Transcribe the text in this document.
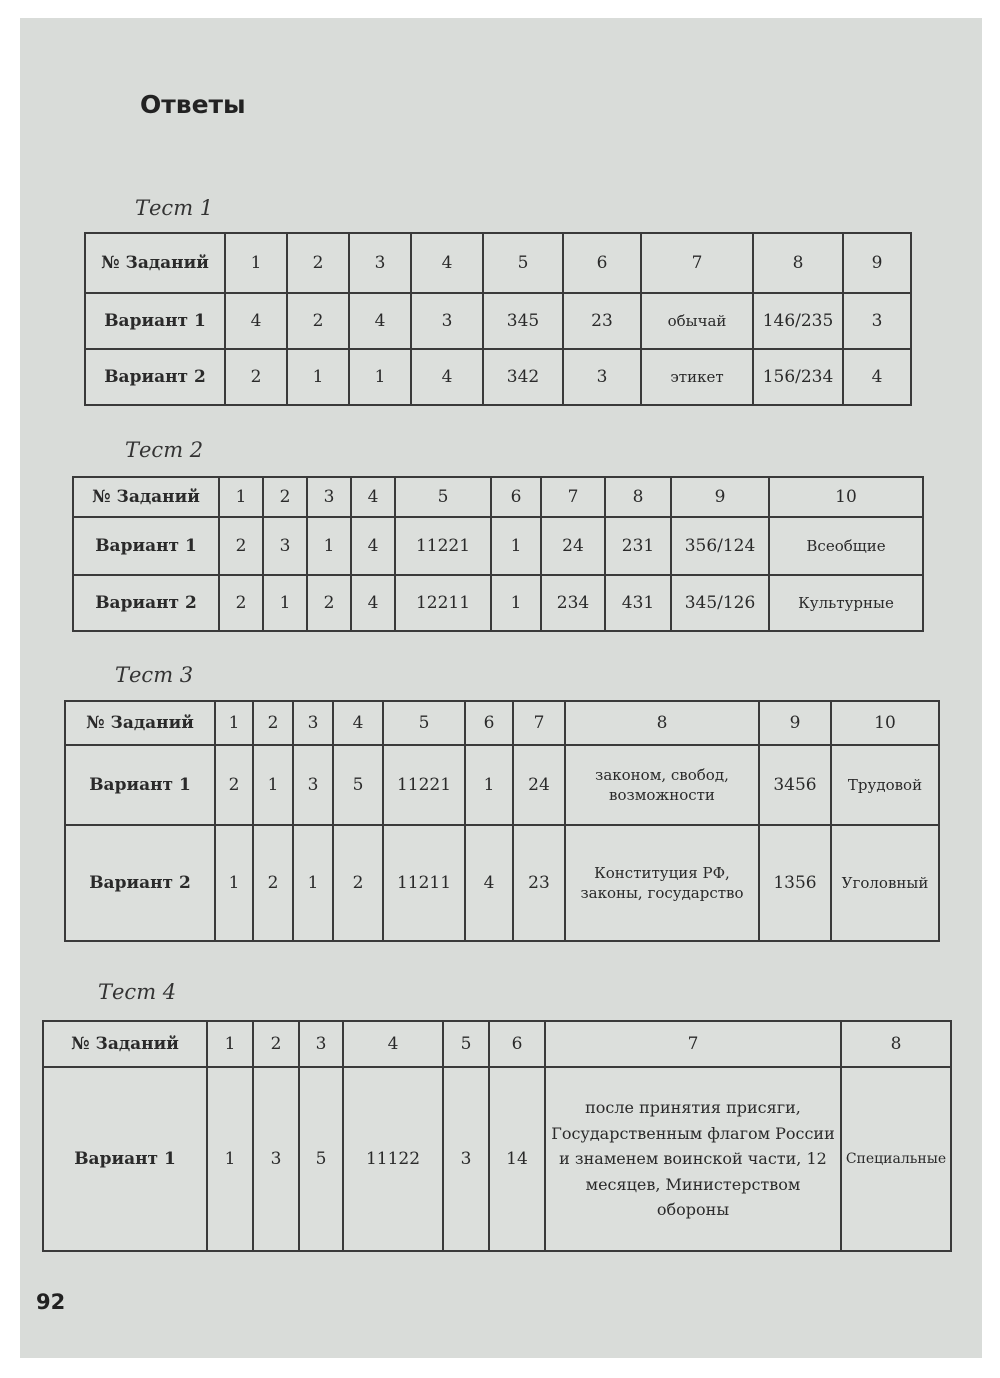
Ответы
Тест 1
№ Заданий	1	2	3	4	5	6	7	8	9
Вариант 1	4	2	4	3	345	23	обычай	146/235	3
Вариант 2	2	1	1	4	342	3	этикет	156/234	4
Тест 2
№ Заданий	1	2	3	4	5	6	7	8	9	10
Вариант 1	2	3	1	4	11221	1	24	231	356/124	Всеобщие
Вариант 2	2	1	2	4	12211	1	234	431	345/126	Культурные
Тест 3
№ Заданий	1	2	3	4	5	6	7	8	9	10
Вариант 1	2	1	3	5	11221	1	24	законом, свобод, возможности	3456	Трудовой
Вариант 2	1	2	1	2	11211	4	23	Конституция РФ, законы, государство	1356	Уголовный
Тест 4
№ Заданий	1	2	3	4	5	6	7	8
Вариант 1	1	3	5	11122	3	14	после принятия присяги, Государственным флагом России и знаменем воинской части, 12 месяцев, Министерством обороны	Специальные
92
